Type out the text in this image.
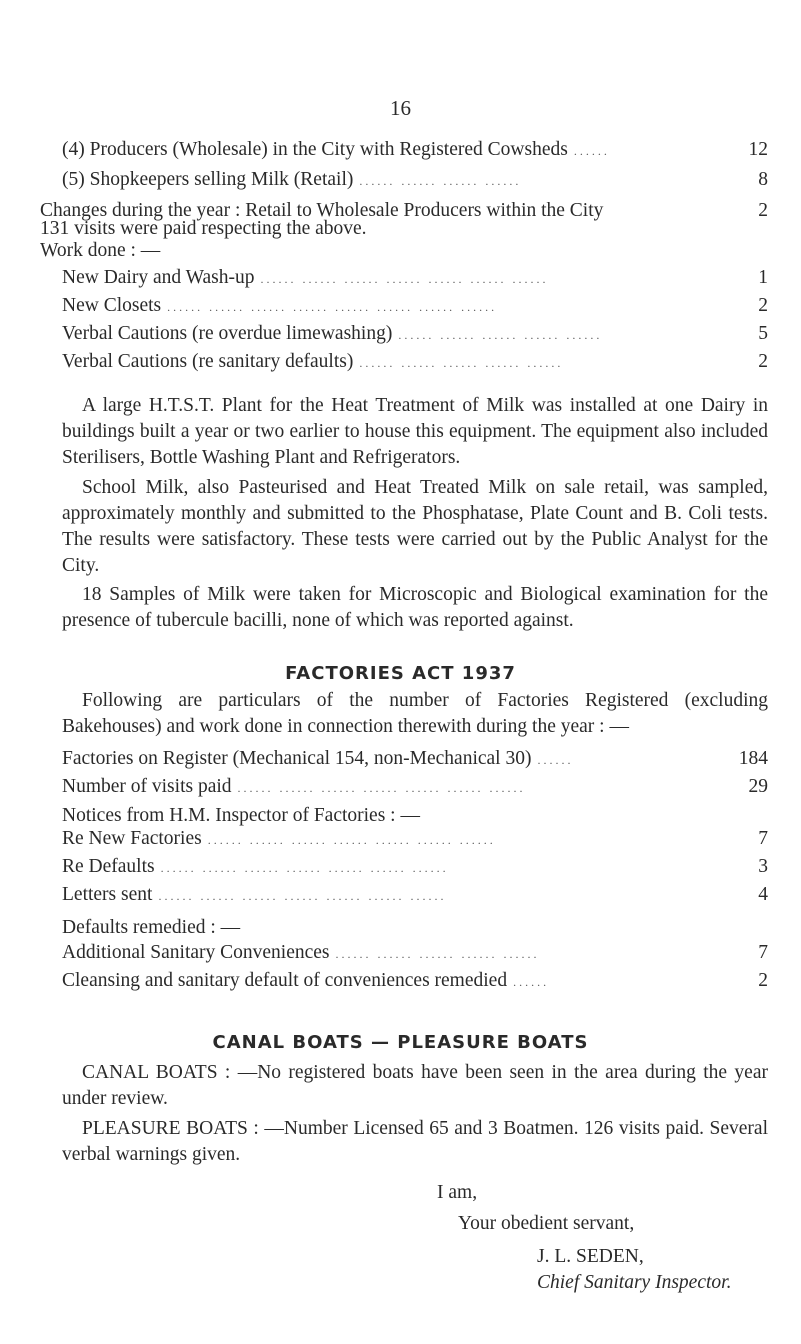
16
(4) Producers (Wholesale) in the City with Registered Cowsheds ......	12
(5) Shopkeepers selling Milk (Retail) ...... ...... ...... ......	8
Changes during the year : Retail to Wholesale Producers within the City	2
131 visits were paid respecting the above.
Work done : —
New Dairy and Wash-up ...... ...... ...... ...... ...... ...... ......	1
New Closets ...... ...... ...... ...... ...... ...... ...... ......	2
Verbal Cautions (re overdue limewashing) ...... ...... ...... ...... ......	5
Verbal Cautions (re sanitary defaults) ...... ...... ...... ...... ......	2
A large H.T.S.T. Plant for the Heat Treatment of Milk was installed at one Dairy in buildings built a year or two earlier to house this equipment. The equipment also included Sterilisers, Bottle Washing Plant and Refrigerators.
School Milk, also Pasteurised and Heat Treated Milk on sale retail, was sampled, approximately monthly and submitted to the Phosphatase, Plate Count and B. Coli tests. The results were satisfactory. These tests were carried out by the Public Analyst for the City.
18 Samples of Milk were taken for Microscopic and Biological examination for the presence of tubercule bacilli, none of which was reported against.
FACTORIES ACT 1937
Following are particulars of the number of Factories Registered (excluding Bakehouses) and work done in connection therewith during the year : —
Factories on Register (Mechanical 154, non-Mechanical 30) ......	184
Number of visits paid ...... ...... ...... ...... ...... ...... ......	29
Notices from H.M. Inspector of Factories : —
Re New Factories ...... ...... ...... ...... ...... ...... ......	7
Re Defaults ...... ...... ...... ...... ...... ...... ......	3
Letters sent ...... ...... ...... ...... ...... ...... ......	4
Defaults remedied : —
Additional Sanitary Conveniences ...... ...... ...... ...... ......	7
Cleansing and sanitary default of conveniences remedied ......	2
CANAL BOATS — PLEASURE BOATS
CANAL BOATS : —No registered boats have been seen in the area during the year under review.
PLEASURE BOATS : —Number Licensed 65 and 3 Boatmen. 126 visits paid. Several verbal warnings given.
I am,
Your obedient servant,
J. L. SEDEN,
Chief Sanitary Inspector.
